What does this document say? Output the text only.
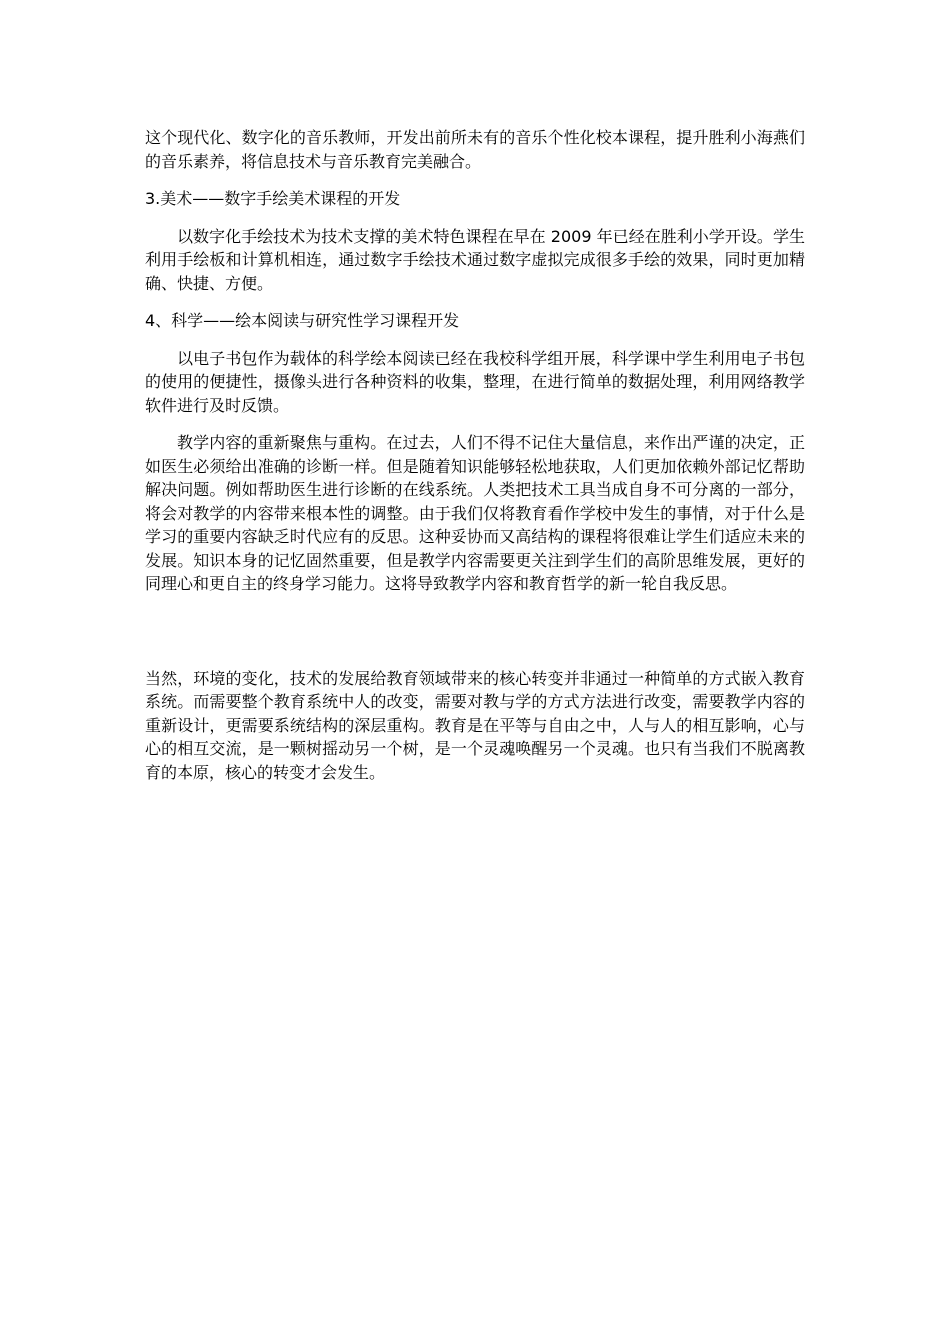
这个现代化、数字化的音乐教师，开发出前所未有的音乐个性化校本课程，提升胜利小海燕们的音乐素养，将信息技术与音乐教育完美融合。

3.美术——数字手绘美术课程的开发

以数字化手绘技术为技术支撑的美术特色课程在早在 2009 年已经在胜利小学开设。学生利用手绘板和计算机相连，通过数字手绘技术通过数字虚拟完成很多手绘的效果，同时更加精确、快捷、方便。

4、科学——绘本阅读与研究性学习课程开发

以电子书包作为载体的科学绘本阅读已经在我校科学组开展，科学课中学生利用电子书包的使用的便捷性，摄像头进行各种资料的收集，整理，在进行简单的数据处理，利用网络教学软件进行及时反馈。

教学内容的重新聚焦与重构。在过去，人们不得不记住大量信息，来作出严谨的决定，正如医生必须给出准确的诊断一样。但是随着知识能够轻松地获取，人们更加依赖外部记忆帮助解决问题。例如帮助医生进行诊断的在线系统。人类把技术工具当成自身不可分离的一部分，将会对教学的内容带来根本性的调整。由于我们仅将教育看作学校中发生的事情，对于什么是学习的重要内容缺乏时代应有的反思。这种妥协而又高结构的课程将很难让学生们适应未来的发展。知识本身的记忆固然重要，但是教学内容需要更关注到学生们的高阶思维发展，更好的同理心和更自主的终身学习能力。这将导致教学内容和教育哲学的新一轮自我反思。

当然，环境的变化，技术的发展给教育领域带来的核心转变并非通过一种简单的方式嵌入教育系统。而需要整个教育系统中人的改变，需要对教与学的方式方法进行改变，需要教学内容的重新设计，更需要系统结构的深层重构。教育是在平等与自由之中，人与人的相互影响，心与心的相互交流，是一颗树摇动另一个树，是一个灵魂唤醒另一个灵魂。也只有当我们不脱离教育的本原，核心的转变才会发生。
